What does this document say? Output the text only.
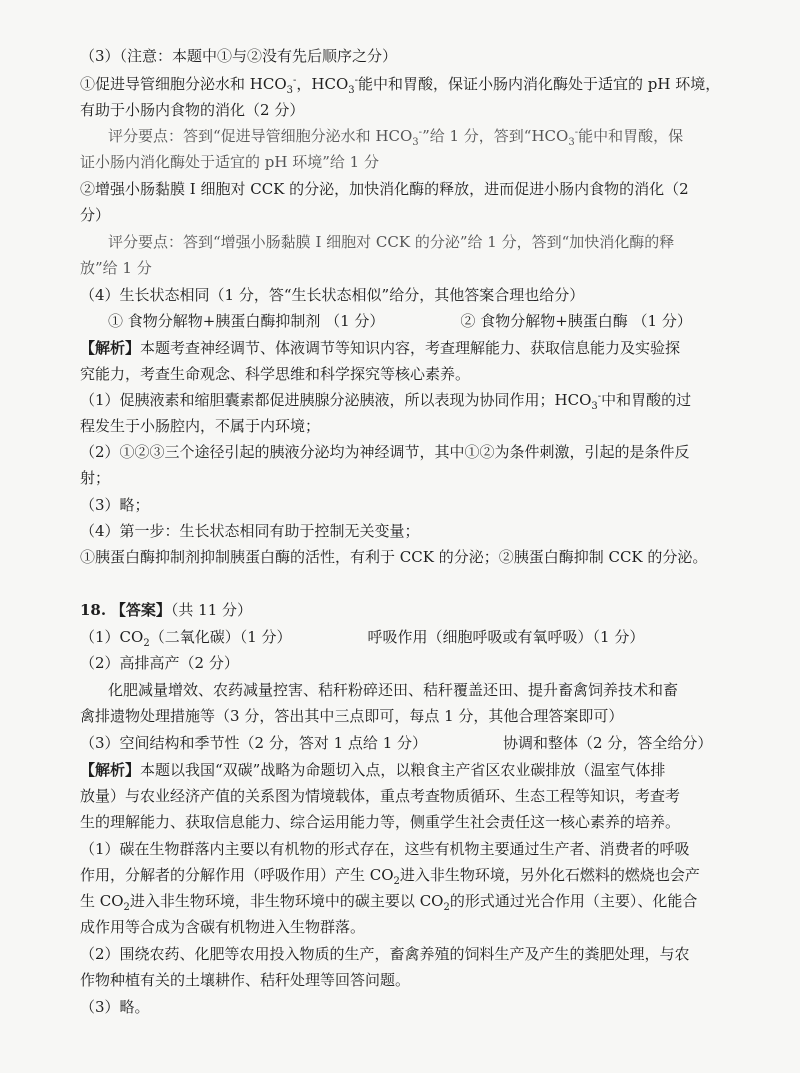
（3）（注意：本题中①与②没有先后顺序之分）
①促进导管细胞分泌水和 $HCO_3^-$，$HCO_3^-$能中和胃酸，保证小肠内消化酶处于适宜的 pH 环境，
有助于小肠内食物的消化（2 分）
评分要点：答到“促进导管细胞分泌水和 $HCO_3^-$”给 1 分，答到“$HCO_3^-$能中和胃酸，保
证小肠内消化酶处于适宜的 pH 环境”给 1 分
②增强小肠黏膜 I 细胞对 CCK 的分泌，加快消化酶的释放，进而促进小肠内食物的消化（2
分）
评分要点：答到“增强小肠黏膜 I 细胞对 CCK 的分泌”给 1 分，答到“加快消化酶的释
放”给 1 分
（4）生长状态相同（1 分，答“生长状态相似”给分，其他答案合理也给分）
① 食物分解物+胰蛋白酶抑制剂 （1 分）	② 食物分解物+胰蛋白酶 （1 分）
【解析】本题考查神经调节、体液调节等知识内容，考查理解能力、获取信息能力及实验探
究能力，考查生命观念、科学思维和科学探究等核心素养。
（1）促胰液素和缩胆囊素都促进胰腺分泌胰液，所以表现为协同作用；$HCO_3^-$中和胃酸的过
程发生于小肠腔内，不属于内环境；
（2）①②③三个途径引起的胰液分泌均为神经调节，其中①②为条件刺激，引起的是条件反
射；
（3）略；
（4）第一步：生长状态相同有助于控制无关变量；
①胰蛋白酶抑制剂抑制胰蛋白酶的活性，有利于 CCK 的分泌；②胰蛋白酶抑制 CCK 的分泌。
18. 【答案】（共 11 分）
$(1)CO_2$（二氧化碳）（1 分）	呼吸作用（细胞呼吸或有氧呼吸）（1 分）
（2）高排高产（2 分）
化肥减量增效、农药减量控害、秸秆粉碎还田、秸秆覆盖还田、提升畜禽饲养技术和畜
禽排遗物处理措施等（3 分，答出其中三点即可，每点 1 分，其他合理答案即可）
（3）空间结构和季节性（2 分，答对 1 点给 1 分）	协调和整体（2 分，答全给分）
【解析】本题以我国“双碳”战略为命题切入点，以粮食主产省区农业碳排放（温室气体排
放量）与农业经济产值的关系图为情境载体，重点考查物质循环、生态工程等知识，考查考
生的理解能力、获取信息能力、综合运用能力等，侧重学生社会责任这一核心素养的培养。
（1）碳在生物群落内主要以有机物的形式存在，这些有机物主要通过生产者、消费者的呼吸
作用，分解者的分解作用（呼吸作用）产生 $CO_2$进入非生物环境，另外化石燃料的燃烧也会产
生 $CO_2$进入非生物环境，非生物环境中的碳主要以 $CO_2$的形式通过光合作用（主要）、化能合
成作用等合成为含碳有机物进入生物群落。
（2）围绕农药、化肥等农用投入物质的生产，畜禽养殖的饲料生产及产生的粪肥处理，与农
作物种植有关的土壤耕作、秸秆处理等回答问题。
（3）略。
